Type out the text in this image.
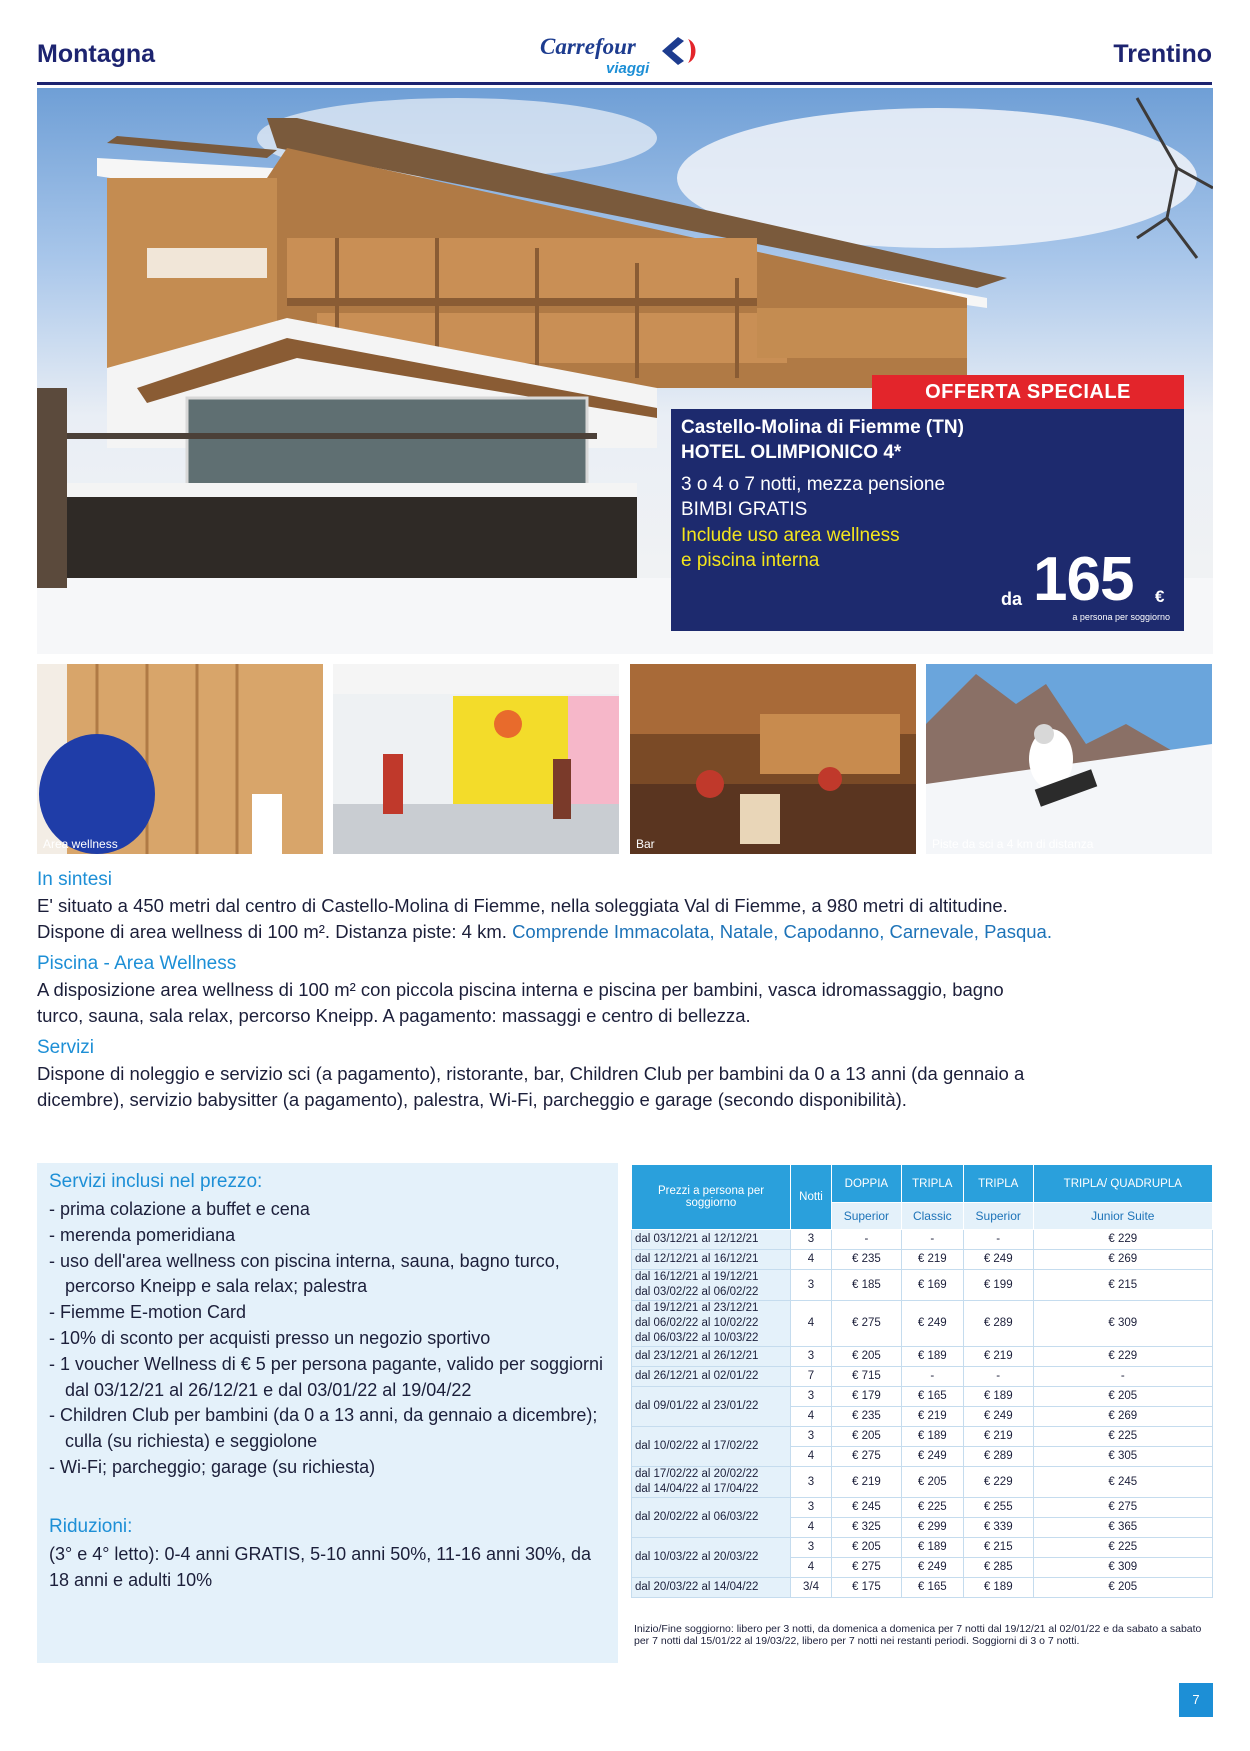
Montagna	Carrefour
viaggi
Trentino
OFFERTA SPECIALE
Castello-Molina di Fiemme (TN)
HOTEL OLIMPIONICO 4*
3 o 4 o 7 notti, mezza pensione
BIMBI GRATIS
Include uso area wellness
e piscina interna
da 165 €
a persona per soggiorno
Area wellness	Bar	Piste da sci a 4 km di distanza
In sintesi
E' situato a 450 metri dal centro di Castello-Molina di Fiemme, nella soleggiata Val di Fiemme, a 980 metri di altitudine.
Dispone di area wellness di 100 m². Distanza piste: 4 km. Comprende Immacolata, Natale, Capodanno, Carnevale, Pasqua.
Piscina - Area Wellness
A disposizione area wellness di 100 m² con piccola piscina interna e piscina per bambini, vasca idromassaggio, bagno
turco, sauna, sala relax, percorso Kneipp. A pagamento: massaggi e centro di bellezza.
Servizi
Dispone di noleggio e servizio sci (a pagamento), ristorante, bar, Children Club per bambini da 0 a 13 anni (da gennaio a
dicembre), servizio babysitter (a pagamento), palestra, Wi-Fi, parcheggio e garage (secondo disponibilità).
Servizi inclusi nel prezzo:
- prima colazione a buffet e cena
- merenda pomeridiana
- uso dell'area wellness con piscina interna, sauna, bagno turco, percorso Kneipp e sala relax; palestra
- Fiemme E-motion Card
- 10% di sconto per acquisti presso un negozio sportivo
- 1 voucher Wellness di € 5 per persona pagante, valido per soggiorni dal 03/12/21 al 26/12/21 e dal 03/01/22 al 19/04/22
- Children Club per bambini (da 0 a 13 anni, da gennaio a dicembre); culla (su richiesta) e seggiolone
- Wi-Fi; parcheggio; garage (su richiesta)
Riduzioni:
(3° e 4° letto): 0-4 anni GRATIS, 5-10 anni 50%, 11-16 anni 30%, da 18 anni e adulti 10%
Prezzi a persona per soggiorno	Notti	DOPPIA	TRIPLA	TRIPLA	TRIPLA/ QUADRUPLA
		Superior	Classic	Superior	Junior Suite

dal 03/12/21 al 12/12/21	3	-	-	-	€ 229

dal 12/12/21 al 16/12/21	4	€ 235	€ 219	€ 249	€ 269

dal 16/12/21 al 19/12/21
dal 03/02/22 al 06/02/22	3	€ 185	€ 169	€ 199	€ 215

dal 19/12/21 al 23/12/21
dal 06/02/22 al 10/02/22
dal 06/03/22 al 10/03/22	4	€ 275	€ 249	€ 289	€ 309

dal 23/12/21 al 26/12/21	3	€ 205	€ 189	€ 219	€ 229

dal 26/12/21 al 02/01/22	7	€ 715	-	-	-

dal 09/01/22 al 23/01/22	3	€ 179	€ 165	€ 189	€ 205
	4	€ 235	€ 219	€ 249	€ 269

dal 10/02/22 al 17/02/22	3	€ 205	€ 189	€ 219	€ 225
	4	€ 275	€ 249	€ 289	€ 305

dal 17/02/22 al 20/02/22
dal 14/04/22 al 17/04/22	3	€ 219	€ 205	€ 229	€ 245

dal 20/02/22 al 06/03/22	3	€ 245	€ 225	€ 255	€ 275
	4	€ 325	€ 299	€ 339	€ 365

dal 10/03/22 al 20/03/22	3	€ 205	€ 189	€ 215	€ 225
	4	€ 275	€ 249	€ 285	€ 309

dal 20/03/22 al 14/04/22	3/4	€ 175	€ 165	€ 189	€ 205
Inizio/Fine soggiorno: libero per 3 notti, da domenica a domenica per 7 notti dal 19/12/21 al 02/01/22 e da sabato a sabato per 7 notti dal 15/01/22 al 19/03/22, libero per 7 notti nei restanti periodi. Soggiorni di 3 o 7 notti.
7
